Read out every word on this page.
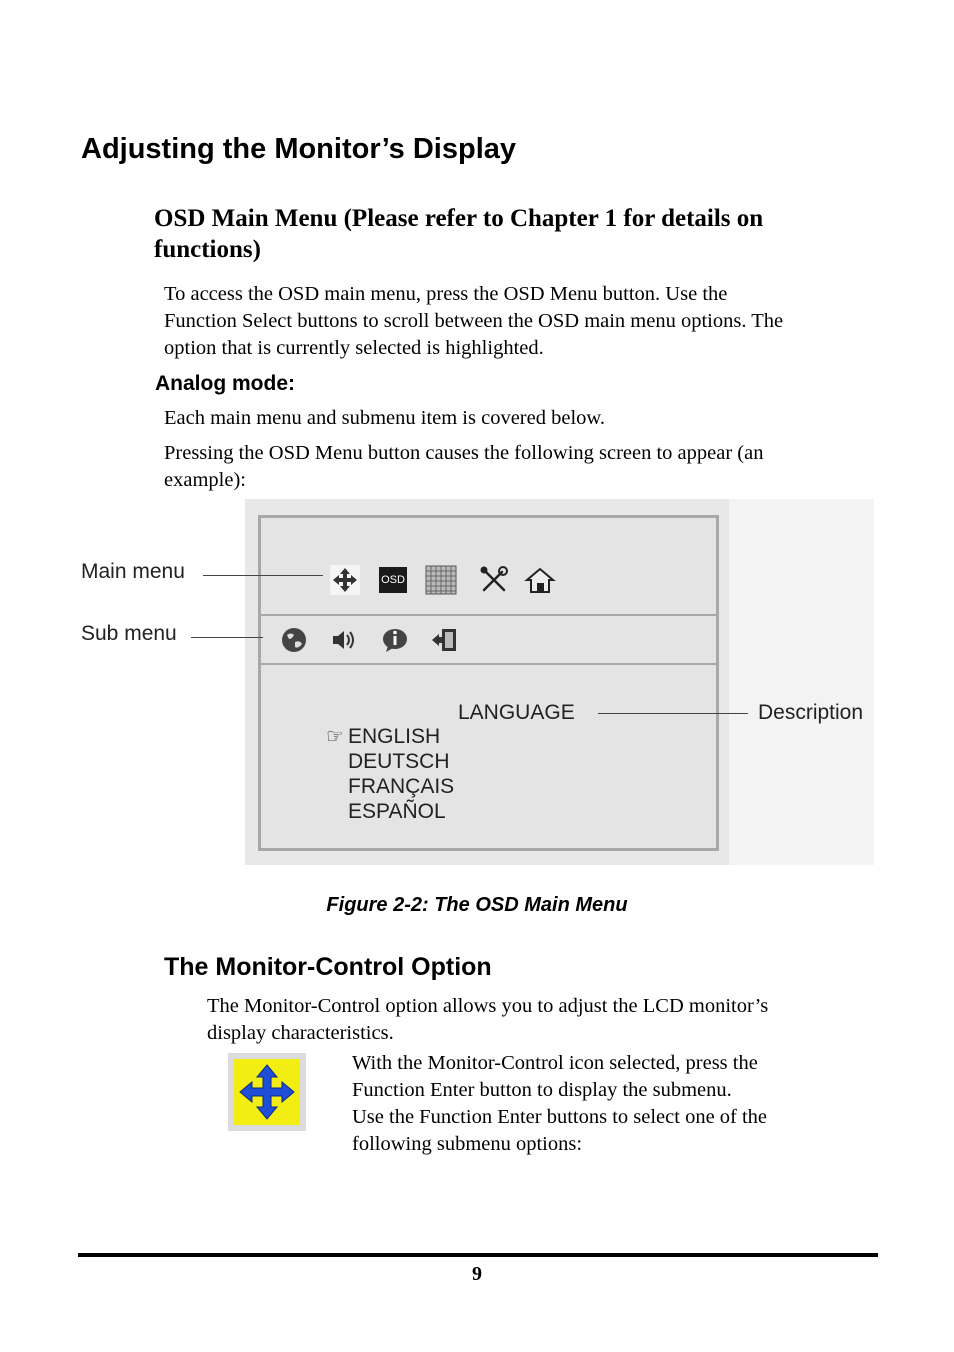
Adjusting the Monitor’s Display
OSD Main Menu (Please refer to Chapter 1 for details on functions)
To access the OSD main menu, press the OSD Menu button. Use the
Function Select buttons to scroll between the OSD main menu options. The
option that is currently selected is highlighted.
Analog mode:
Each main menu and submenu item is covered below.
Pressing the OSD Menu button causes the following screen to appear (an
example):
OSD
Main menu
Sub menu
LANGUAGE	Description
☞ ENGLISH
DEUTSCH
FRANÇAIS
ESPAÑOL
Figure 2-2: The OSD Main Menu
The Monitor-Control Option
The Monitor-Control option allows you to adjust the LCD monitor’s
display characteristics.
With the Monitor-Control icon selected, press the
Function Enter button to display the submenu.
Use the Function Enter buttons to select one of the
following submenu options:
9
